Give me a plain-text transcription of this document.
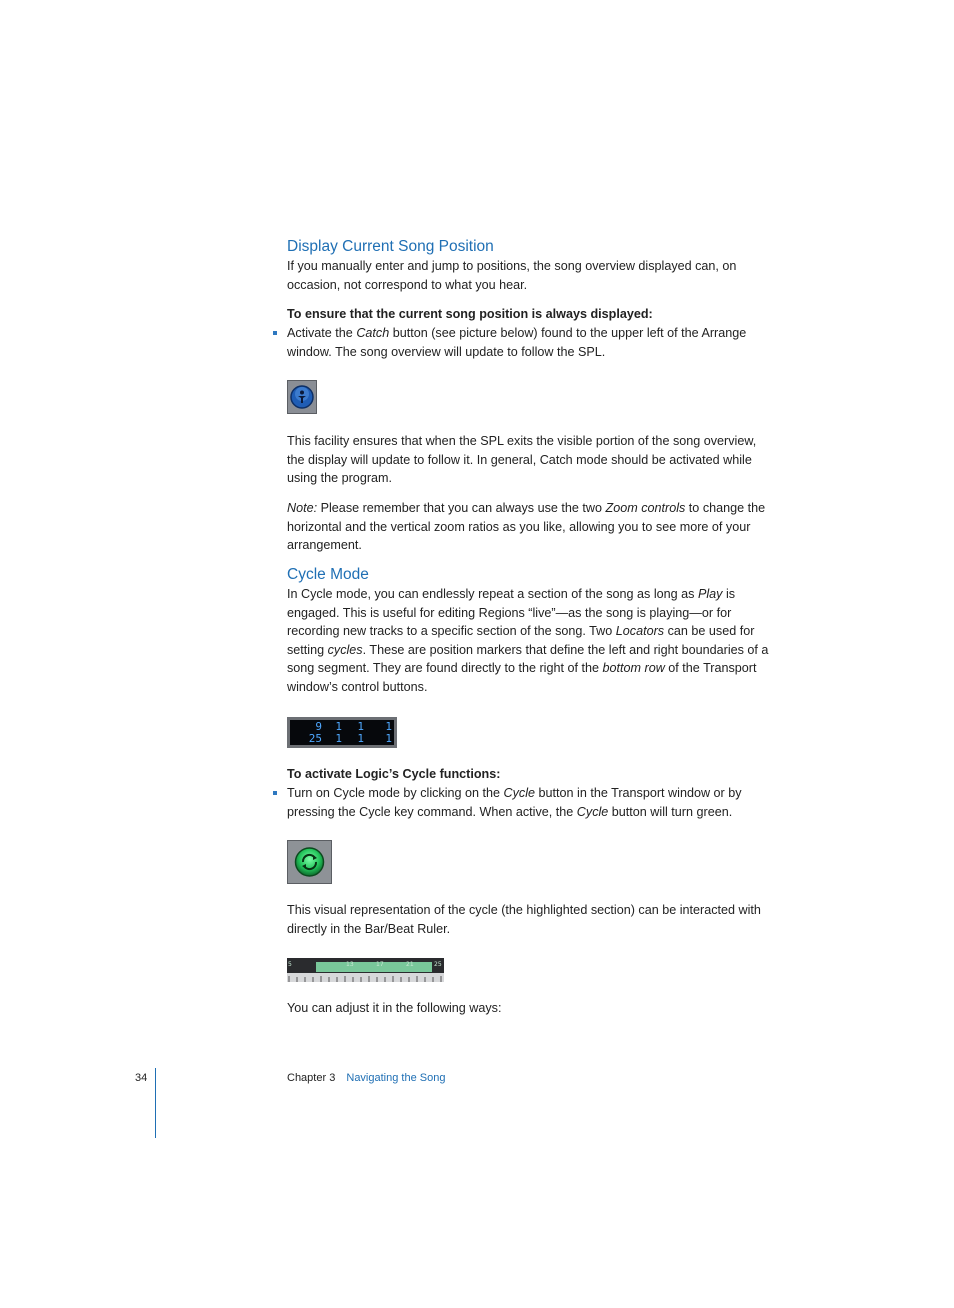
Display Current Song Position
If you manually enter and jump to positions, the song overview displayed can, on
occasion, not correspond to what you hear.
To ensure that the current song position is always displayed:
Activate the Catch button (see picture below) found to the upper left of the Arrange
window. The song overview will update to follow the SPL.
This facility ensures that when the SPL exits the visible portion of the song overview,
the display will update to follow it. In general, Catch mode should be activated while
using the program.
Note: Please remember that you can always use the two Zoom controls to change the
horizontal and the vertical zoom ratios as you like, allowing you to see more of your
arrangement.
Cycle Mode
In Cycle mode, you can endlessly repeat a section of the song as long as Play is
engaged. This is useful for editing Regions “live”—as the song is playing—or for
recording new tracks to a specific section of the song. Two Locators can be used for
setting cycles. These are position markers that define the left and right boundaries of a
song segment. They are found directly to the right of the bottom row of the Transport
window’s control buttons.
9 1 1 1
25 1 1 1
To activate Logic’s Cycle functions:
Turn on Cycle mode by clicking on the Cycle button in the Transport window or by
pressing the Cycle key command. When active, the Cycle button will turn green.
This visual representation of the cycle (the highlighted section) can be interacted with
directly in the Bar/Beat Ruler.
5	13	17	21	25
You can adjust it in the following ways:
34	Chapter 3 Navigating the Song
